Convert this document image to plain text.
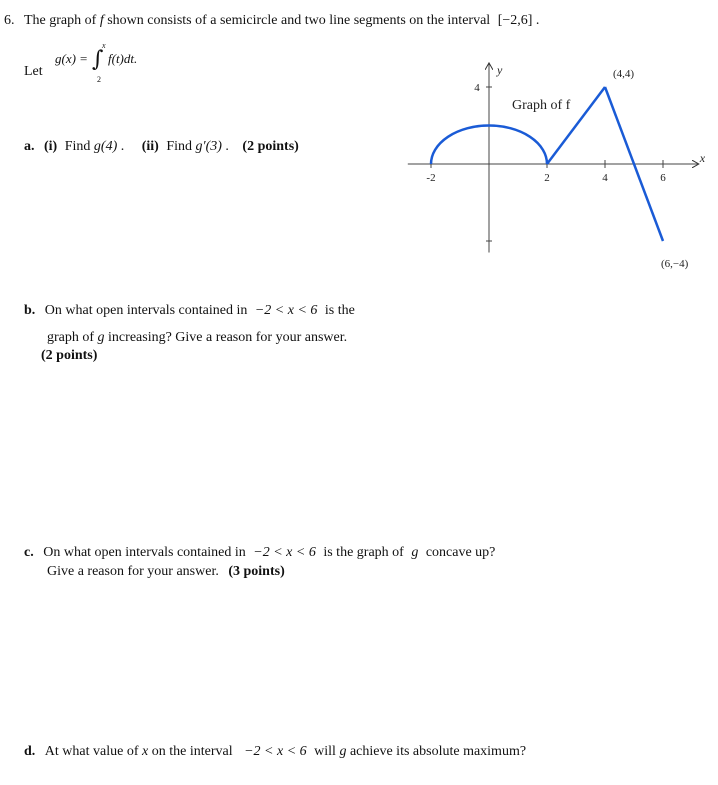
6. The graph of f shown consists of a semicircle and two line segments on the interval [−2,6] .
Let
g(x) = ∫
x
2
f(t)dt.
a. (i) Find g(4) . (ii) Find g′(3) . (2 points)
-2	2	4	6
4
x
y	(4,4)
(6,−4)
Graph of f
b. On what open intervals contained in −2 < x < 6 is the
graph of g increasing? Give a reason for your answer.
(2 points)
c. On what open intervals contained in −2 < x < 6 is the graph of g concave up?
Give a reason for your answer. (3 points)
d. At what value of x on the interval −2 < x < 6 will g achieve its absolute maximum?
